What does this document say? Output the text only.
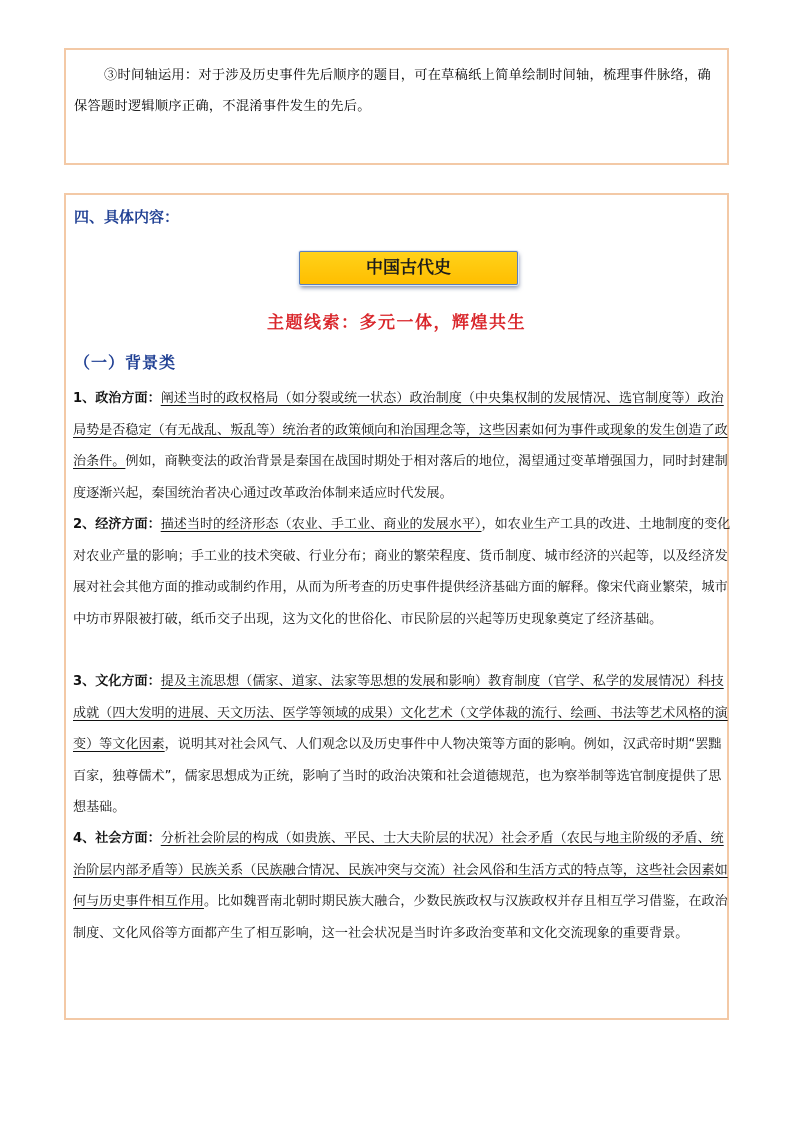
③时间轴运用：对于涉及历史事件先后顺序的题目，可在草稿纸上简单绘制时间轴，梳理事件脉络，确保答题时逻辑顺序正确，不混淆事件发生的先后。

四、具体内容：

中国古代史

主题线索：多元一体，辉煌共生

（一）背景类

1、政治方面：阐述当时的政权格局（如分裂或统一状态）政治制度（中央集权制的发展情况、选官制度等）政治局势是否稳定（有无战乱、叛乱等）统治者的政策倾向和治国理念等，这些因素如何为事件或现象的发生创造了政治条件。例如，商鞅变法的政治背景是秦国在战国时期处于相对落后的地位，渴望通过变革增强国力，同时封建制度逐渐兴起，秦国统治者决心通过改革政治体制来适应时代发展。

2、经济方面：描述当时的经济形态（农业、手工业、商业的发展水平），如农业生产工具的改进、土地制度的变化对农业产量的影响；手工业的技术突破、行业分布；商业的繁荣程度、货币制度、城市经济的兴起等，以及经济发展对社会其他方面的推动或制约作用，从而为所考查的历史事件提供经济基础方面的解释。像宋代商业繁荣，城市中坊市界限被打破，纸币交子出现，这为文化的世俗化、市民阶层的兴起等历史现象奠定了经济基础。

3、文化方面：提及主流思想（儒家、道家、法家等思想的发展和影响）教育制度（官学、私学的发展情况）科技成就（四大发明的进展、天文历法、医学等领域的成果）文化艺术（文学体裁的流行、绘画、书法等艺术风格的演变）等文化因素，说明其对社会风气、人们观念以及历史事件中人物决策等方面的影响。例如，汉武帝时期“罢黜百家，独尊儒术”，儒家思想成为正统，影响了当时的政治决策和社会道德规范，也为察举制等选官制度提供了思想基础。

4、社会方面：分析社会阶层的构成（如贵族、平民、士大夫阶层的状况）社会矛盾（农民与地主阶级的矛盾、统治阶层内部矛盾等）民族关系（民族融合情况、民族冲突与交流）社会风俗和生活方式的特点等，这些社会因素如何与历史事件相互作用。比如魏晋南北朝时期民族大融合，少数民族政权与汉族政权并存且相互学习借鉴，在政治制度、文化风俗等方面都产生了相互影响，这一社会状况是当时许多政治变革和文化交流现象的重要背景。
